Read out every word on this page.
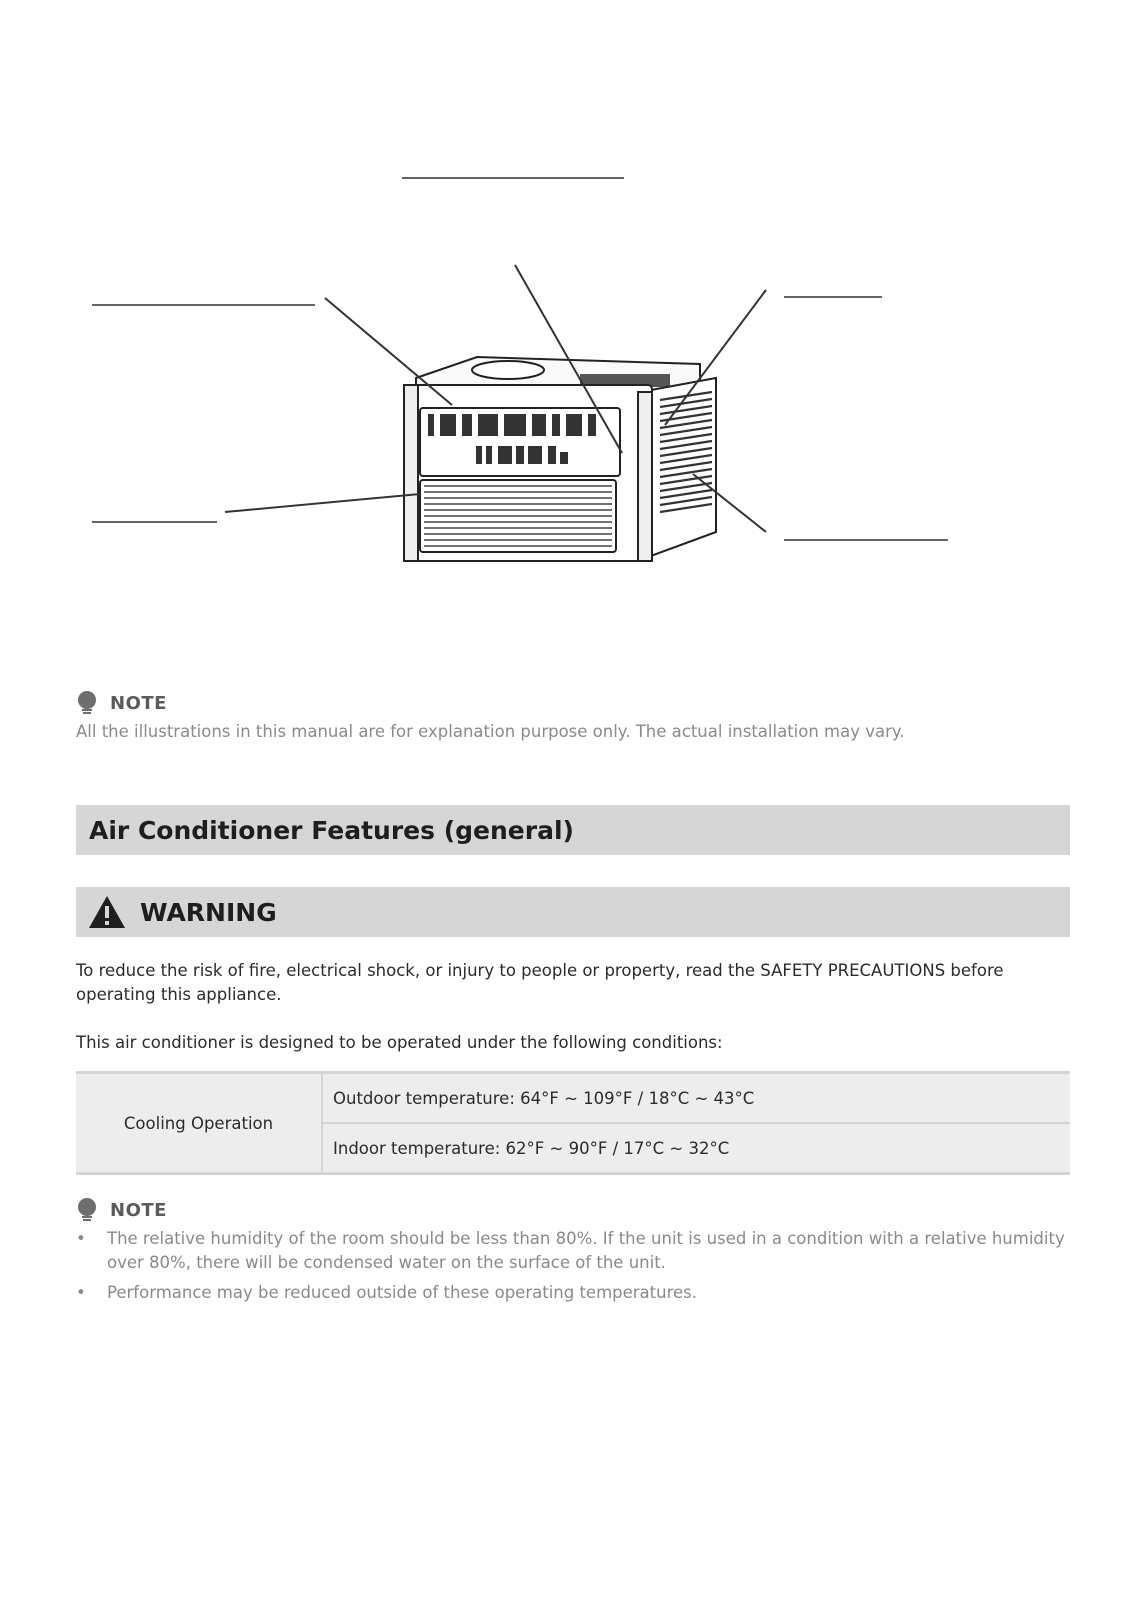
NOTE
All the illustrations in this manual are for explanation purpose only. The actual installation may vary.
Air Conditioner Features (general)
WARNING
To reduce the risk of fire, electrical shock, or injury to people or property, read the SAFETY PRECAUTIONS before operating this appliance.
This air conditioner is designed to be operated under the following conditions:
Cooling Operation	Outdoor temperature: 64°F ~ 109°F / 18°C ~ 43°C
Indoor temperature: 62°F ~ 90°F / 17°C ~ 32°C
NOTE
• The relative humidity of the room should be less than 80%. If the unit is used in a condition with a relative humidity over 80%, there will be condensed water on the surface of the unit.
• Performance may be reduced outside of these operating temperatures.
